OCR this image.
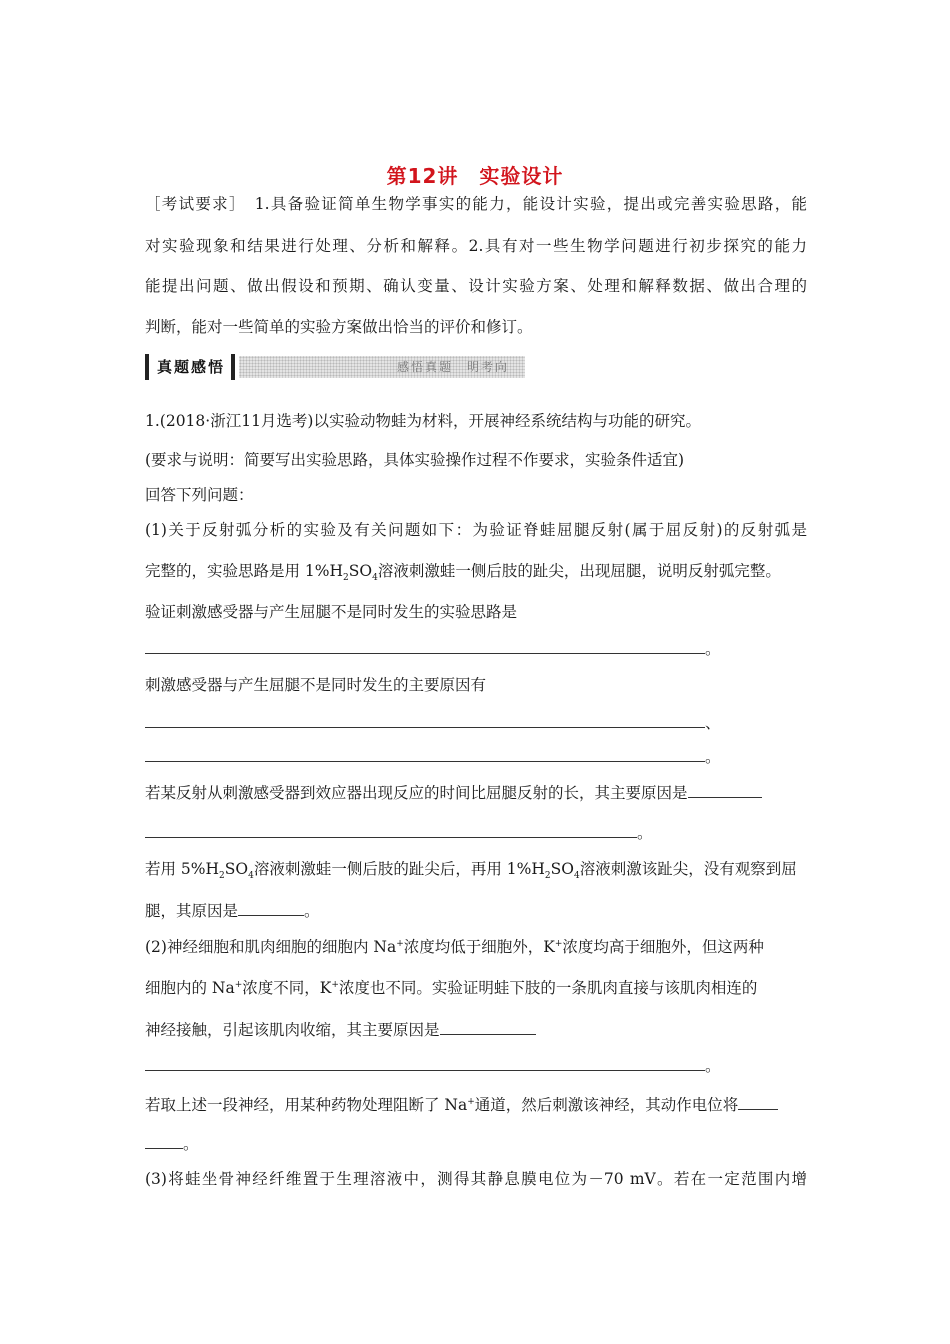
第12讲　实验设计
［考试要求］　1.具备验证简单生物学事实的能力，能设计实验，提出或完善实验思路，能
对实验现象和结果进行处理、分析和解释。2.具有对一些生物学问题进行初步探究的能力
能提出问题、做出假设和预期、确认变量、设计实验方案、处理和解释数据、做出合理的
判断，能对一些简单的实验方案做出恰当的评价和修订。
真题感悟	感悟真题　明考向
1.(2018·浙江11月选考)以实验动物蛙为材料，开展神经系统结构与功能的研究。
(要求与说明：简要写出实验思路，具体实验操作过程不作要求，实验条件适宜)
回答下列问题：
(1)关于反射弧分析的实验及有关问题如下：为验证脊蛙屈腿反射(属于屈反射)的反射弧是
完整的，实验思路是用 $1\%H_2SO_4$溶液刺激蛙一侧后肢的趾尖，出现屈腿，说明反射弧完整。
验证刺激感受器与产生屈腿不是同时发生的实验思路是
。
刺激感受器与产生屈腿不是同时发生的主要原因有
、
。
若某反射从刺激感受器到效应器出现反应的时间比屈腿反射的长，其主要原因是
。
若用 $5\%H_2SO_4$溶液刺激蛙一侧后肢的趾尖后，再用 $1\%H_2SO_4$溶液刺激该趾尖，没有观察到屈
腿，其原因是	。
(2)神经细胞和肌肉细胞的细胞内 Na+浓度均低于细胞外，K+浓度均高于细胞外，但这两种
细胞内的 Na+浓度不同，K+浓度也不同。实验证明蛙下肢的一条肌肉直接与该肌肉相连的
神经接触，引起该肌肉收缩，其主要原因是
。
若取上述一段神经，用某种药物处理阻断了 Na+通道，然后刺激该神经，其动作电位将
。
(3)将蛙坐骨神经纤维置于生理溶液中，测得其静息膜电位为－70 mV。若在一定范围内增
